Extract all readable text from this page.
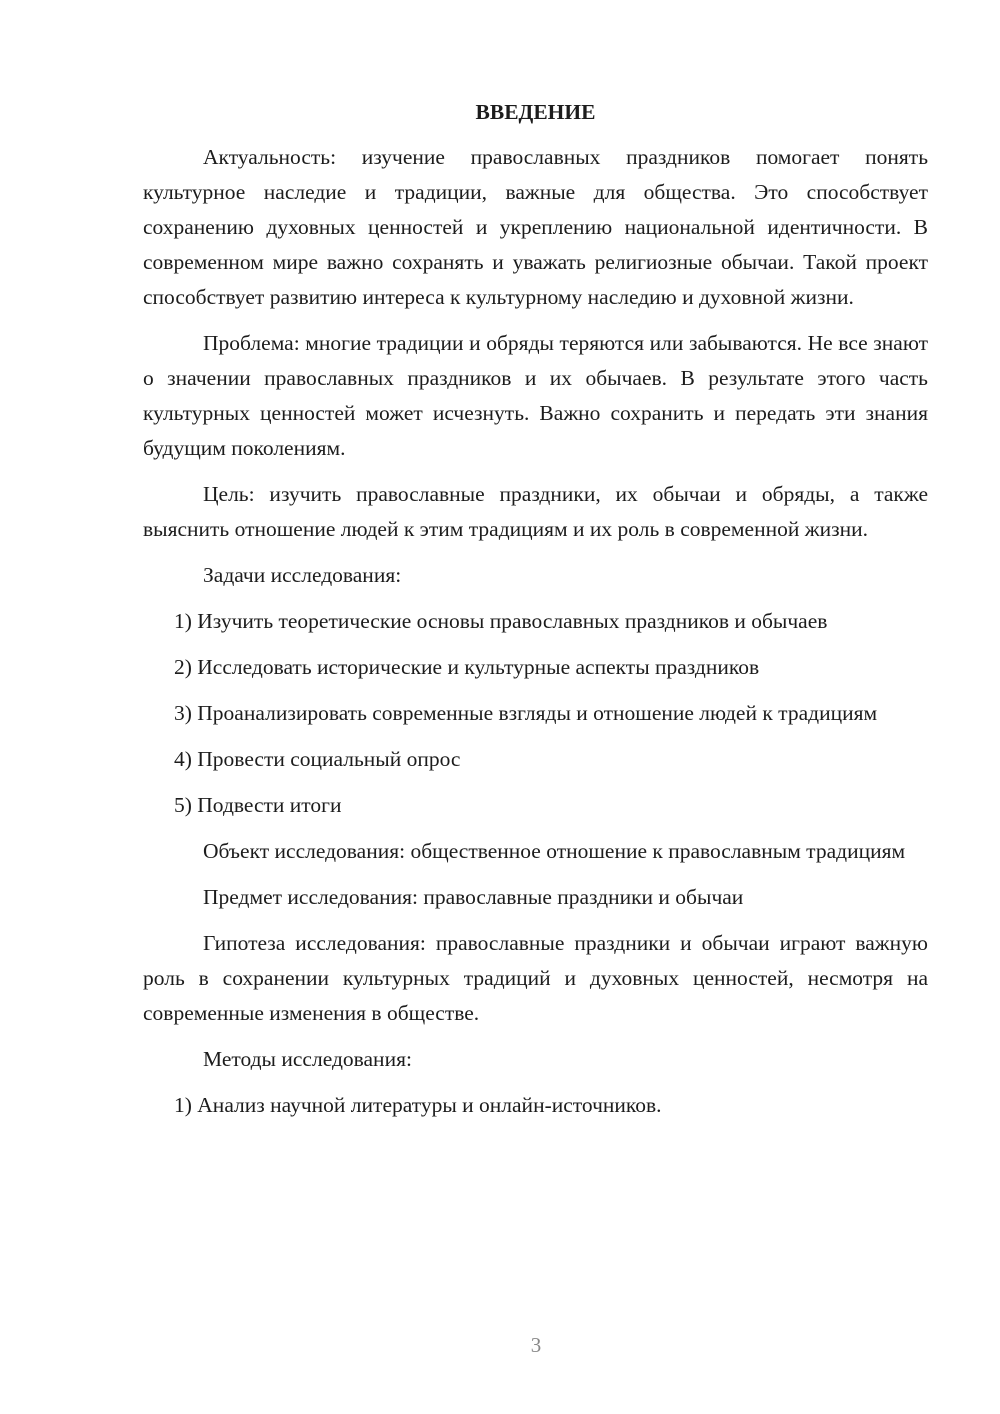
ВВЕДЕНИЕ

Актуальность: изучение православных праздников помогает понять культурное наследие и традиции, важные для общества. Это способствует сохранению духовных ценностей и укреплению национальной идентичности. В современном мире важно сохранять и уважать религиозные обычаи. Такой проект способствует развитию интереса к культурному наследию и духовной жизни.

Проблема: многие традиции и обряды теряются или забываются. Не все знают о значении православных праздников и их обычаев. В результате этого часть культурных ценностей может исчезнуть. Важно сохранить и передать эти знания будущим поколениям.

Цель: изучить православные праздники, их обычаи и обряды, а также выяснить отношение людей к этим традициям и их роль в современной жизни.

Задачи исследования:

1) Изучить теоретические основы православных праздников и обычаев

2) Исследовать исторические и культурные аспекты праздников

3) Проанализировать современные взгляды и отношение людей к традициям

4) Провести социальный опрос

5) Подвести итоги

Объект исследования: общественное отношение к православным традициям

Предмет исследования: православные праздники и обычаи

Гипотеза исследования: православные праздники и обычаи играют важную роль в сохранении культурных традиций и духовных ценностей, несмотря на современные изменения в обществе.

Методы исследования:

1) Анализ научной литературы и онлайн-источников.

3
